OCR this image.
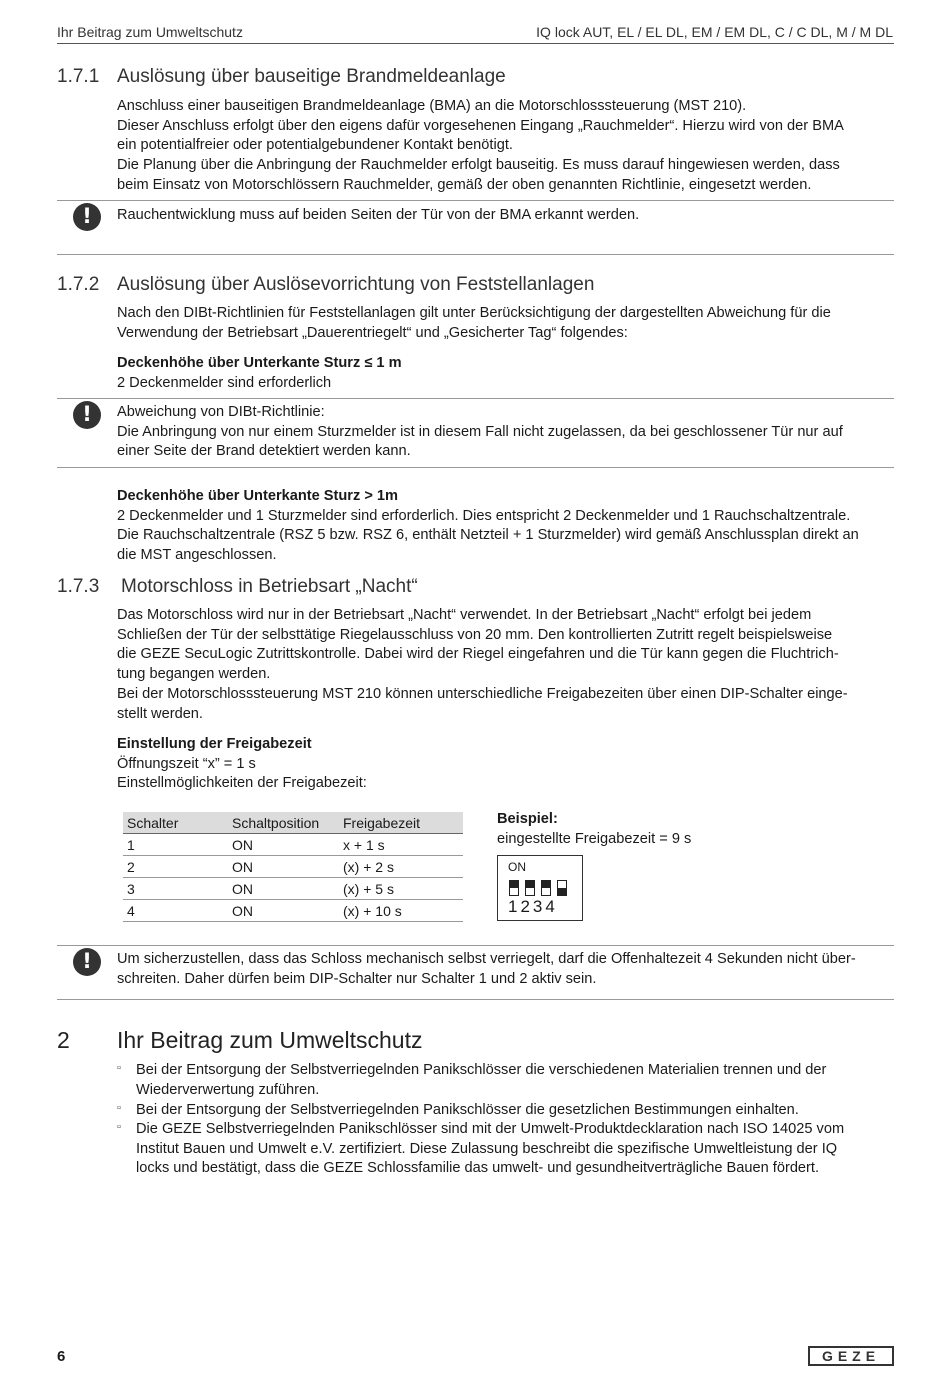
Ihr Beitrag zum Umweltschutz	IQ lock AUT, EL / EL DL, EM / EM DL, C / C DL, M / M DL
1.7.1 Auslösung über bauseitige Brandmeldeanlage
Anschluss einer bauseitigen Brandmeldeanlage (BMA) an die Motorschlosssteuerung (MST 210).
Dieser Anschluss erfolgt über den eigens dafür vorgesehenen Eingang „Rauchmelder“. Hierzu wird von der BMA
ein potentialfreier oder potentialgebundener Kontakt benötigt.
Die Planung über die Anbringung der Rauchmelder erfolgt bauseitig. Es muss darauf hingewiesen werden, dass
beim Einsatz von Motorschlössern Rauchmelder, gemäß der oben genannten Richtlinie, eingesetzt werden.
!	Rauchentwicklung muss auf beiden Seiten der Tür von der BMA erkannt werden.
1.7.2 Auslösung über Auslösevorrichtung von Feststellanlagen
Nach den DIBt-Richtlinien für Feststellanlagen gilt unter Berücksichtigung der dargestellten Abweichung für die
Verwendung der Betriebsart „Dauerentriegelt“ und „Gesicherter Tag“ folgendes:
Deckenhöhe über Unterkante Sturz ≤ 1 m
2 Deckenmelder sind erforderlich
!	Abweichung von DIBt-Richtlinie:
Die Anbringung von nur einem Sturzmelder ist in diesem Fall nicht zugelassen, da bei geschlossener Tür nur auf
einer Seite der Brand detektiert werden kann.
Deckenhöhe über Unterkante Sturz > 1m
2 Deckenmelder und 1 Sturzmelder sind erforderlich. Dies entspricht 2 Deckenmelder und 1 Rauchschaltzentrale.
Die Rauchschaltzentrale (RSZ 5 bzw. RSZ 6, enthält Netzteil + 1 Sturzmelder) wird gemäß Anschlussplan direkt an
die MST angeschlossen.
1.7.3 Motorschloss in Betriebsart „Nacht“
Das Motorschloss wird nur in der Betriebsart „Nacht“ verwendet. In der Betriebsart „Nacht“ erfolgt bei jedem
Schließen der Tür der selbsttätige Riegelausschluss von 20 mm. Den kontrollierten Zutritt regelt beispielsweise
die GEZE SecuLogic Zutrittskontrolle. Dabei wird der Riegel eingefahren und die Tür kann gegen die Fluchtrich-
tung begangen werden.
Bei der Motorschlosssteuerung MST 210 können unterschiedliche Freigabezeiten über einen DIP-Schalter einge-
stellt werden.
Einstellung der Freigabezeit
Öffnungszeit “x” = 1 s
Einstellmöglichkeiten der Freigabezeit:
Schalter	Schaltposition	Freigabezeit
1	ON	x + 1 s
2	ON	(x) + 2 s
3	ON	(x) + 5 s
4	ON	(x) + 10 s
Beispiel:
eingestellte Freigabezeit = 9 s
ON
1234
!	Um sicherzustellen, dass das Schloss mechanisch selbst verriegelt, darf die Offenhaltezeit 4 Sekunden nicht über-
schreiten. Daher dürfen beim DIP-Schalter nur Schalter 1 und 2 aktiv sein.
2 Ihr Beitrag zum Umweltschutz
▫ Bei der Entsorgung der Selbstverriegelnden Panikschlösser die verschiedenen Materialien trennen und der
Wiederverwertung zuführen.
▫ Bei der Entsorgung der Selbstverriegelnden Panikschlösser die gesetzlichen Bestimmungen einhalten.
▫ Die GEZE Selbstverriegelnden Panikschlösser sind mit der Umwelt-Produktdecklaration nach ISO 14025 vom
Institut Bauen und Umwelt e.V. zertifiziert. Diese Zulassung beschreibt die spezifische Umweltleistung der IQ
locks und bestätigt, dass die GEZE Schlossfamilie das umwelt- und gesundheitverträgliche Bauen fördert.
6	GEZE
